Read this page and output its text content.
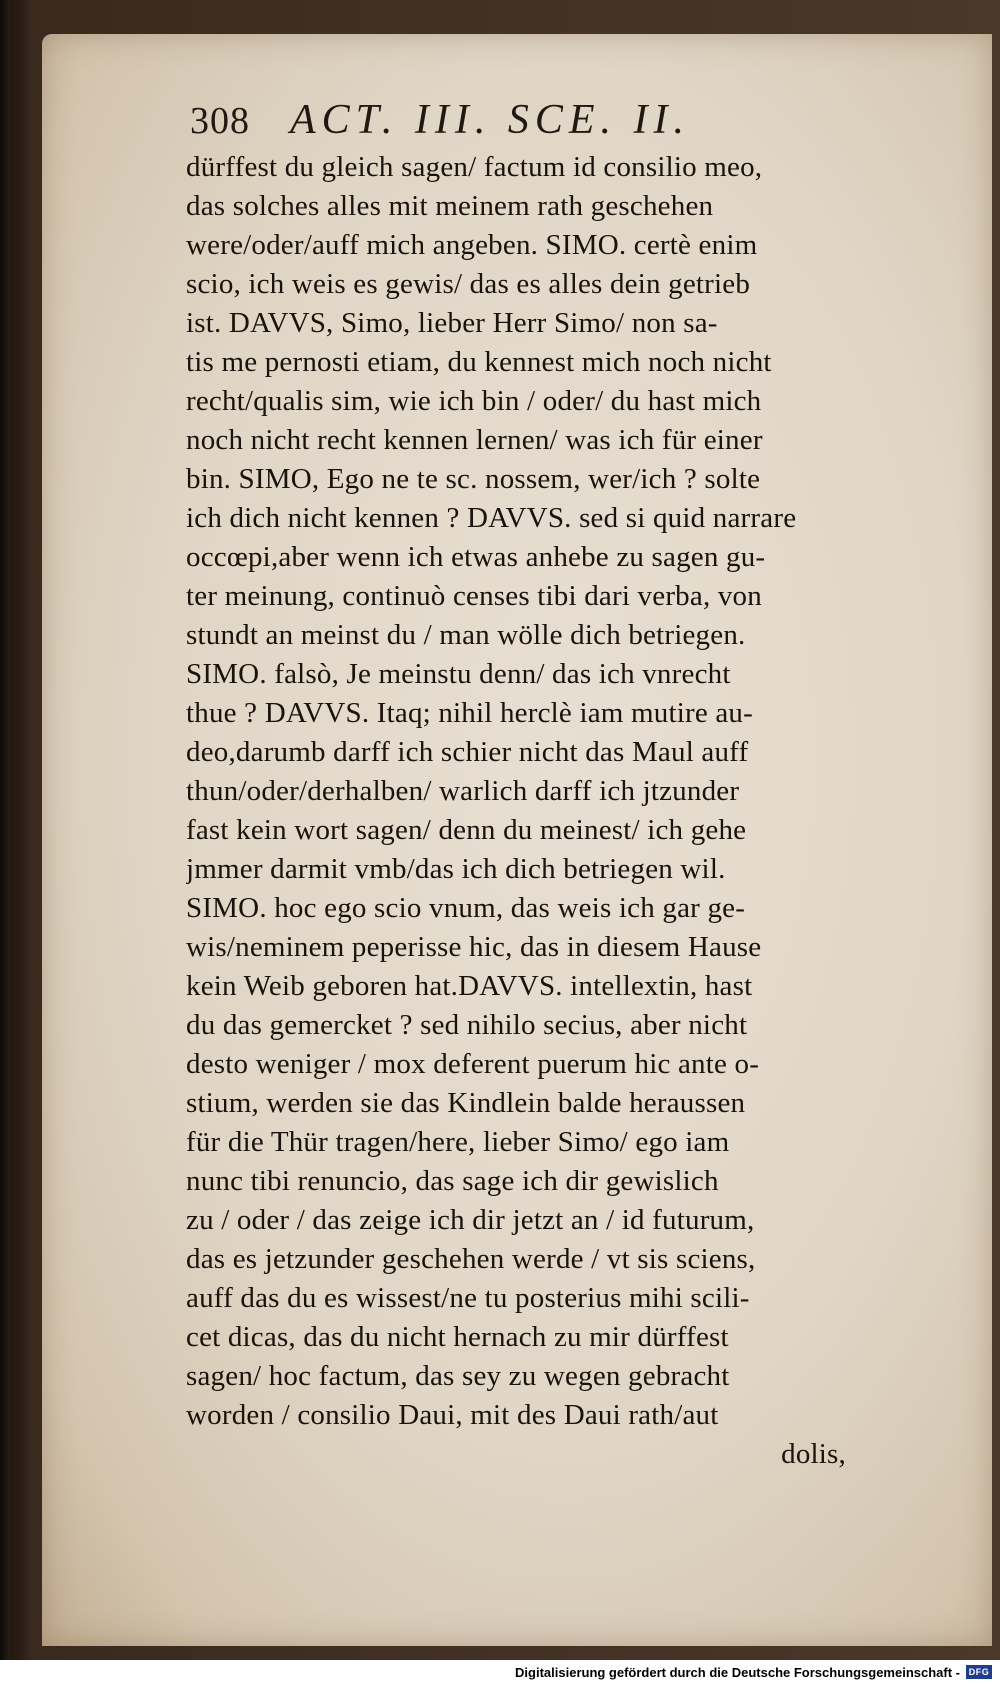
308 ACT. III. SCE. II.
dürffest du gleich sagen/ factum id consilio meo,
das solches alles mit meinem rath geschehen
were/oder/auff mich angeben. SIMO. certè enim
scio, ich weis es gewis/ das es alles dein getrieb
ist. DAVVS, Simo, lieber Herr Simo/ non sa-
tis me pernosti etiam, du kennest mich noch nicht
recht/qualis sim, wie ich bin / oder/ du hast mich
noch nicht recht kennen lernen/ was ich für einer
bin. SIMO, Ego ne te sc. nossem, wer/ich ? solte
ich dich nicht kennen ? DAVVS. sed si quid narrare
occœpi,aber wenn ich etwas anhebe zu sagen gu-
ter meinung, continuò censes tibi dari verba, von
stundt an meinst du / man wölle dich betriegen.
SIMO. falsò, Je meinstu denn/ das ich vnrecht
thue ? DAVVS. Itaq; nihil herclè iam mutire au-
deo,darumb darff ich schier nicht das Maul auff
thun/oder/derhalben/ warlich darff ich jtzunder
fast kein wort sagen/ denn du meinest/ ich gehe
jmmer darmit vmb/das ich dich betriegen wil.
SIMO. hoc ego scio vnum, das weis ich gar ge-
wis/neminem peperisse hic, das in diesem Hause
kein Weib geboren hat.DAVVS. intellextin, hast
du das gemercket ? sed nihilo secius, aber nicht
desto weniger / mox deferent puerum hic ante o-
stium, werden sie das Kindlein balde heraussen
für die Thür tragen/here, lieber Simo/ ego iam
nunc tibi renuncio, das sage ich dir gewislich
zu / oder / das zeige ich dir jetzt an / id futurum,
das es jetzunder geschehen werde / vt sis sciens,
auff das du es wissest/ne tu posterius mihi scili-
cet dicas, das du nicht hernach zu mir dürffest
sagen/ hoc factum, das sey zu wegen gebracht
worden / consilio Daui, mit des Daui rath/aut
dolis,
Digitalisierung gefördert durch die Deutsche Forschungsgemeinschaft - DFG
